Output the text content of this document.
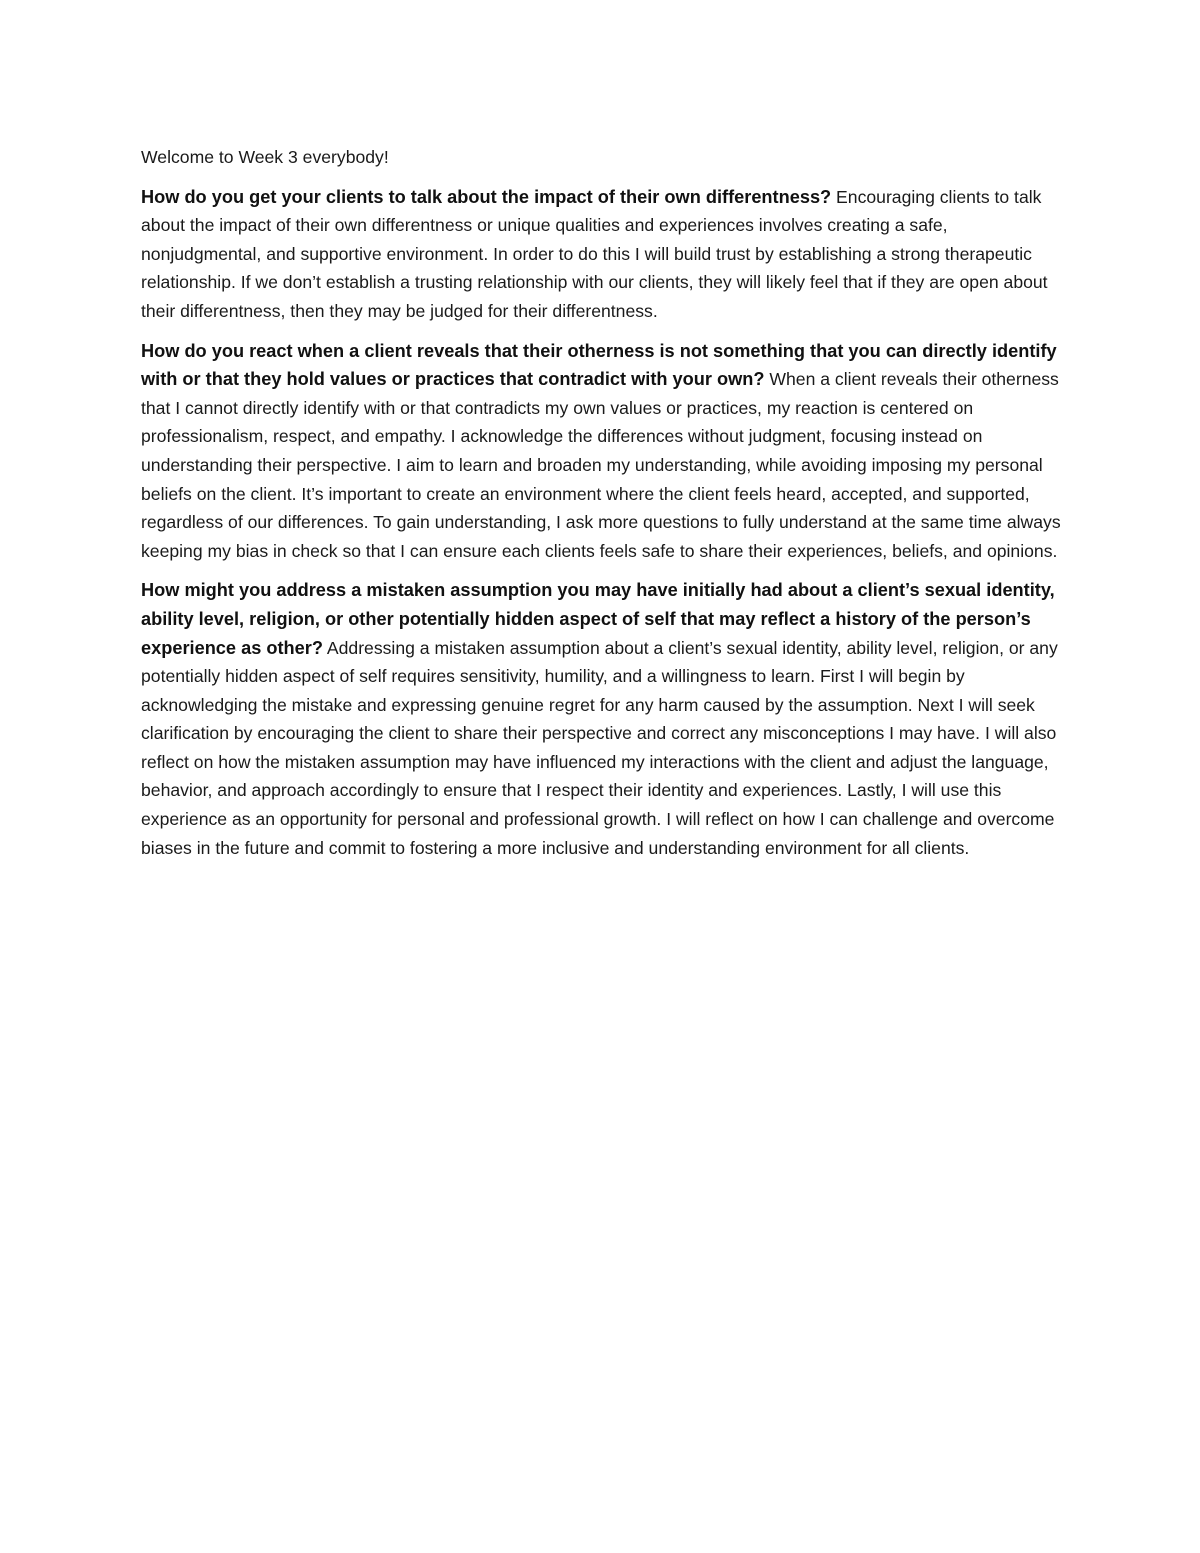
Welcome to Week 3 everybody!

How do you get your clients to talk about the impact of their own differentness? Encouraging clients to talk about the impact of their own differentness or unique qualities and experiences involves creating a safe, nonjudgmental, and supportive environment. In order to do this I will build trust by establishing a strong therapeutic relationship. If we don’t establish a trusting relationship with our clients, they will likely feel that if they are open about their differentness, then they may be judged for their differentness.

How do you react when a client reveals that their otherness is not something that you can directly identify with or that they hold values or practices that contradict with your own? When a client reveals their otherness that I cannot directly identify with or that contradicts my own values or practices, my reaction is centered on professionalism, respect, and empathy. I acknowledge the differences without judgment, focusing instead on understanding their perspective. I aim to learn and broaden my understanding, while avoiding imposing my personal beliefs on the client. It’s important to create an environment where the client feels heard, accepted, and supported, regardless of our differences. To gain understanding, I ask more questions to fully understand at the same time always keeping my bias in check so that I can ensure each clients feels safe to share their experiences, beliefs, and opinions.

How might you address a mistaken assumption you may have initially had about a client’s sexual identity, ability level, religion, or other potentially hidden aspect of self that may reflect a history of the person’s experience as other? Addressing a mistaken assumption about a client’s sexual identity, ability level, religion, or any potentially hidden aspect of self requires sensitivity, humility, and a willingness to learn. First I will begin by acknowledging the mistake and expressing genuine regret for any harm caused by the assumption. Next I will seek clarification by encouraging the client to share their perspective and correct any misconceptions I may have. I will also reflect on how the mistaken assumption may have influenced my interactions with the client and adjust the language, behavior, and approach accordingly to ensure that I respect their identity and experiences. Lastly, I will use this experience as an opportunity for personal and professional growth. I will reflect on how I can challenge and overcome biases in the future and commit to fostering a more inclusive and understanding environment for all clients.
